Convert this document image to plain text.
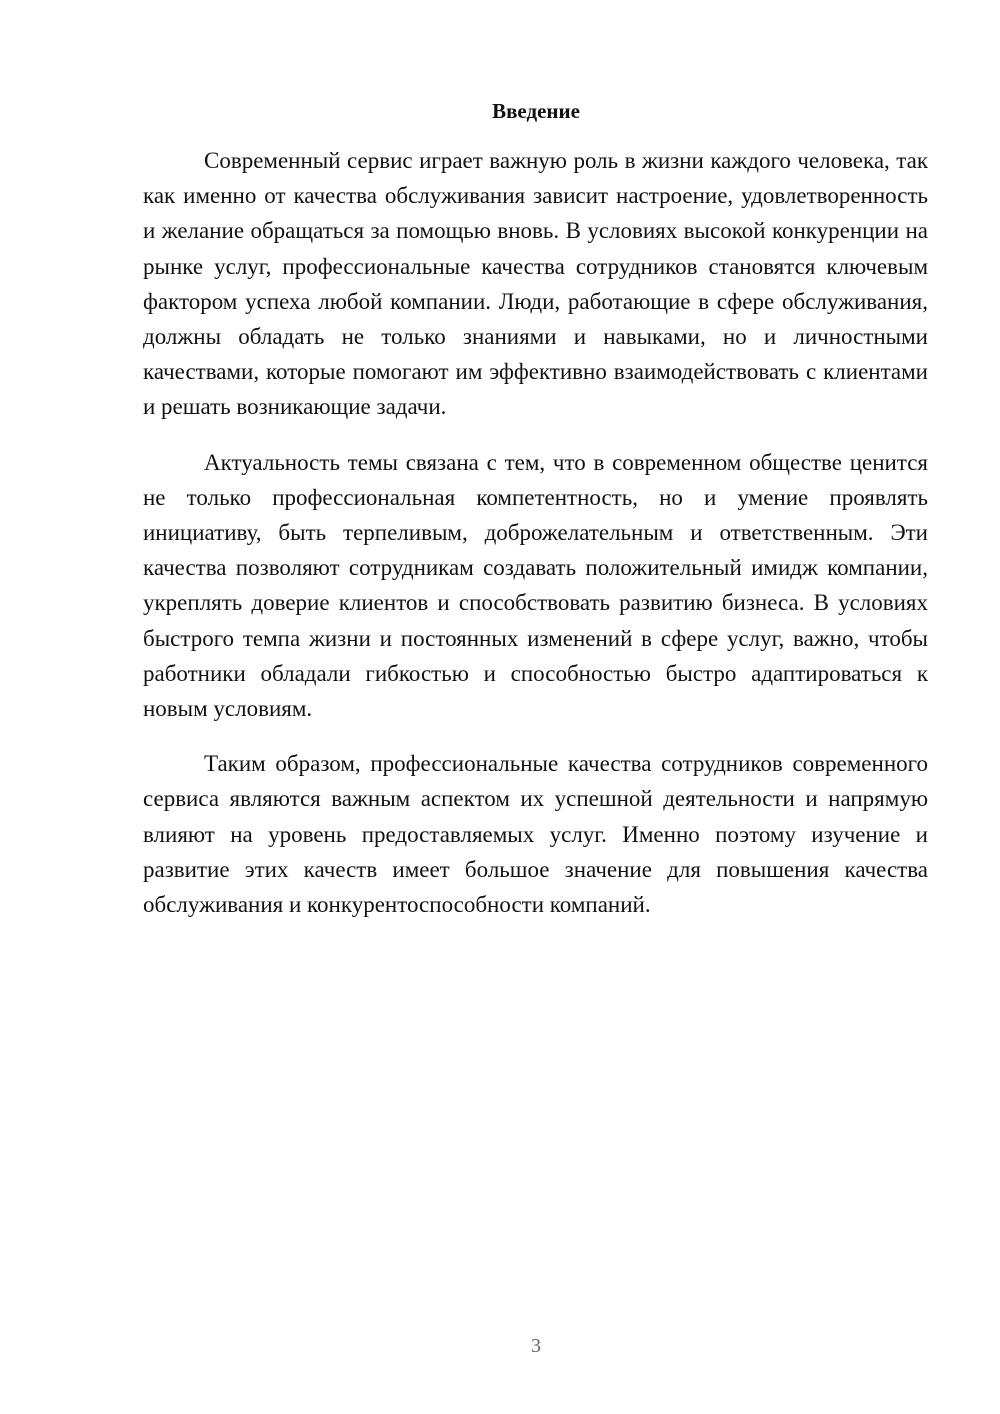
Введение

Современный сервис играет важную роль в жизни каждого человека, так как именно от качества обслуживания зависит настроение, удовлетворенность и желание обращаться за помощью вновь. В условиях высокой конкуренции на рынке услуг, профессиональные качества сотрудников становятся ключевым фактором успеха любой компании. Люди, работающие в сфере обслуживания, должны обладать не только знаниями и навыками, но и личностными качествами, которые помогают им эффективно взаимодействовать с клиентами и решать возникающие задачи.

Актуальность темы связана с тем, что в современном обществе ценится не только профессиональная компетентность, но и умение проявлять инициативу, быть терпеливым, доброжелательным и ответственным. Эти качества позволяют сотрудникам создавать положительный имидж компании, укреплять доверие клиентов и способствовать развитию бизнеса. В условиях быстрого темпа жизни и постоянных изменений в сфере услуг, важно, чтобы работники обладали гибкостью и способностью быстро адаптироваться к новым условиям.

Таким образом, профессиональные качества сотрудников современного сервиса являются важным аспектом их успешной деятельности и напрямую влияют на уровень предоставляемых услуг. Именно поэтому изучение и развитие этих качеств имеет большое значение для повышения качества обслуживания и конкурентоспособности компаний.

3
